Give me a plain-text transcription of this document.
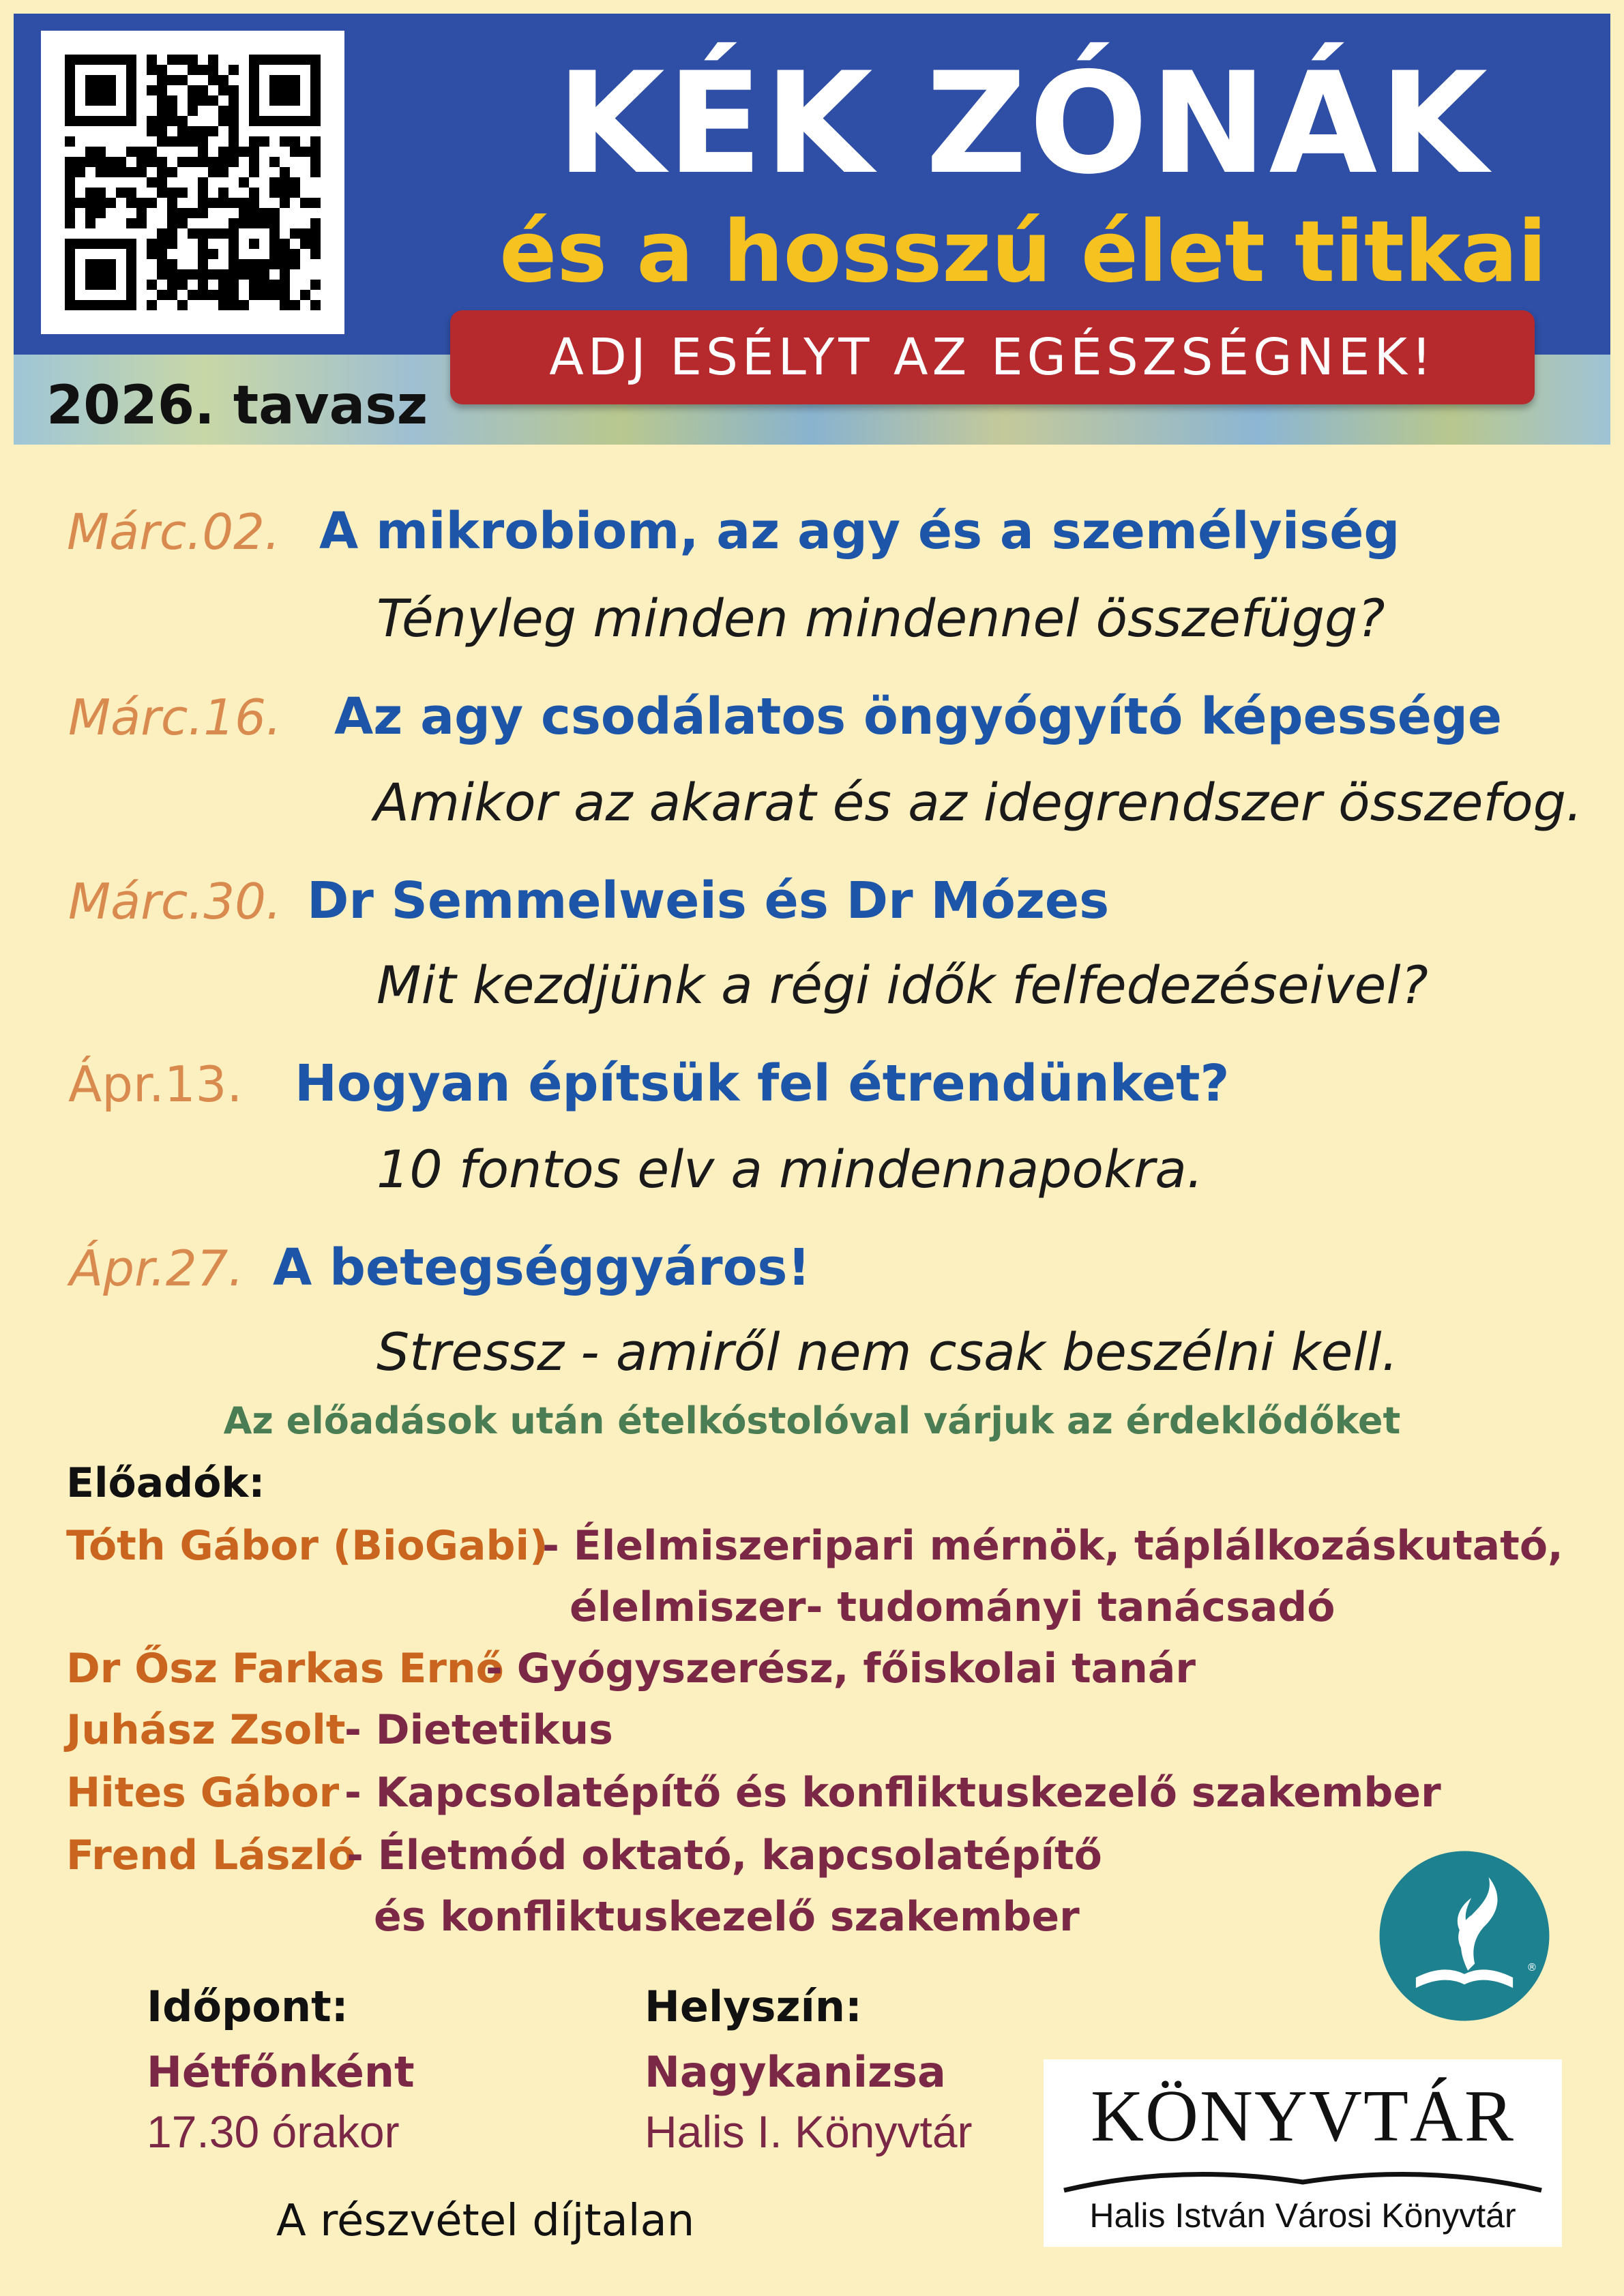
KÉK ZÓNÁK
és a hosszú élet titkai
ADJ ESÉLYT AZ EGÉSZSÉGNEK!
2026. tavasz
Márc.02. A mikrobiom, az agy és a személyiség
Tényleg minden mindennel összefügg?
Márc.16. Az agy csodálatos öngyógyító képessége
Amikor az akarat és az idegrendszer összefog.
Márc.30. Dr Semmelweis és Dr Mózes
Mit kezdjünk a régi idők felfedezéseivel?
Ápr.13. Hogyan építsük fel étrendünket?
10 fontos elv a mindennapokra.
Ápr.27. A betegséggyáros!
Stressz - amiről nem csak beszélni kell.
Az előadások után ételkóstolóval várjuk az érdeklődőket
Előadók:
Tóth Gábor (BioGabi)
- Élelmiszeripari mérnök, táplálkozáskutató,
élelmiszer- tudományi tanácsadó
Dr Ősz Farkas Ernő
- Gyógyszerész, főiskolai tanár
Juhász Zsolt
- Dietetikus
Hites Gábor - Kapcsolatépítő és konfliktuskezelő szakember
Frend László
- Életmód oktató, kapcsolatépítő
és konfliktuskezelő szakember
®
Időpont:
Hétfőnként
17.30 órakor
Helyszín:
Nagykanizsa
Halis I. Könyvtár
A részvétel díjtalan
KÖNYVTÁR
Halis István Városi Könyvtár
